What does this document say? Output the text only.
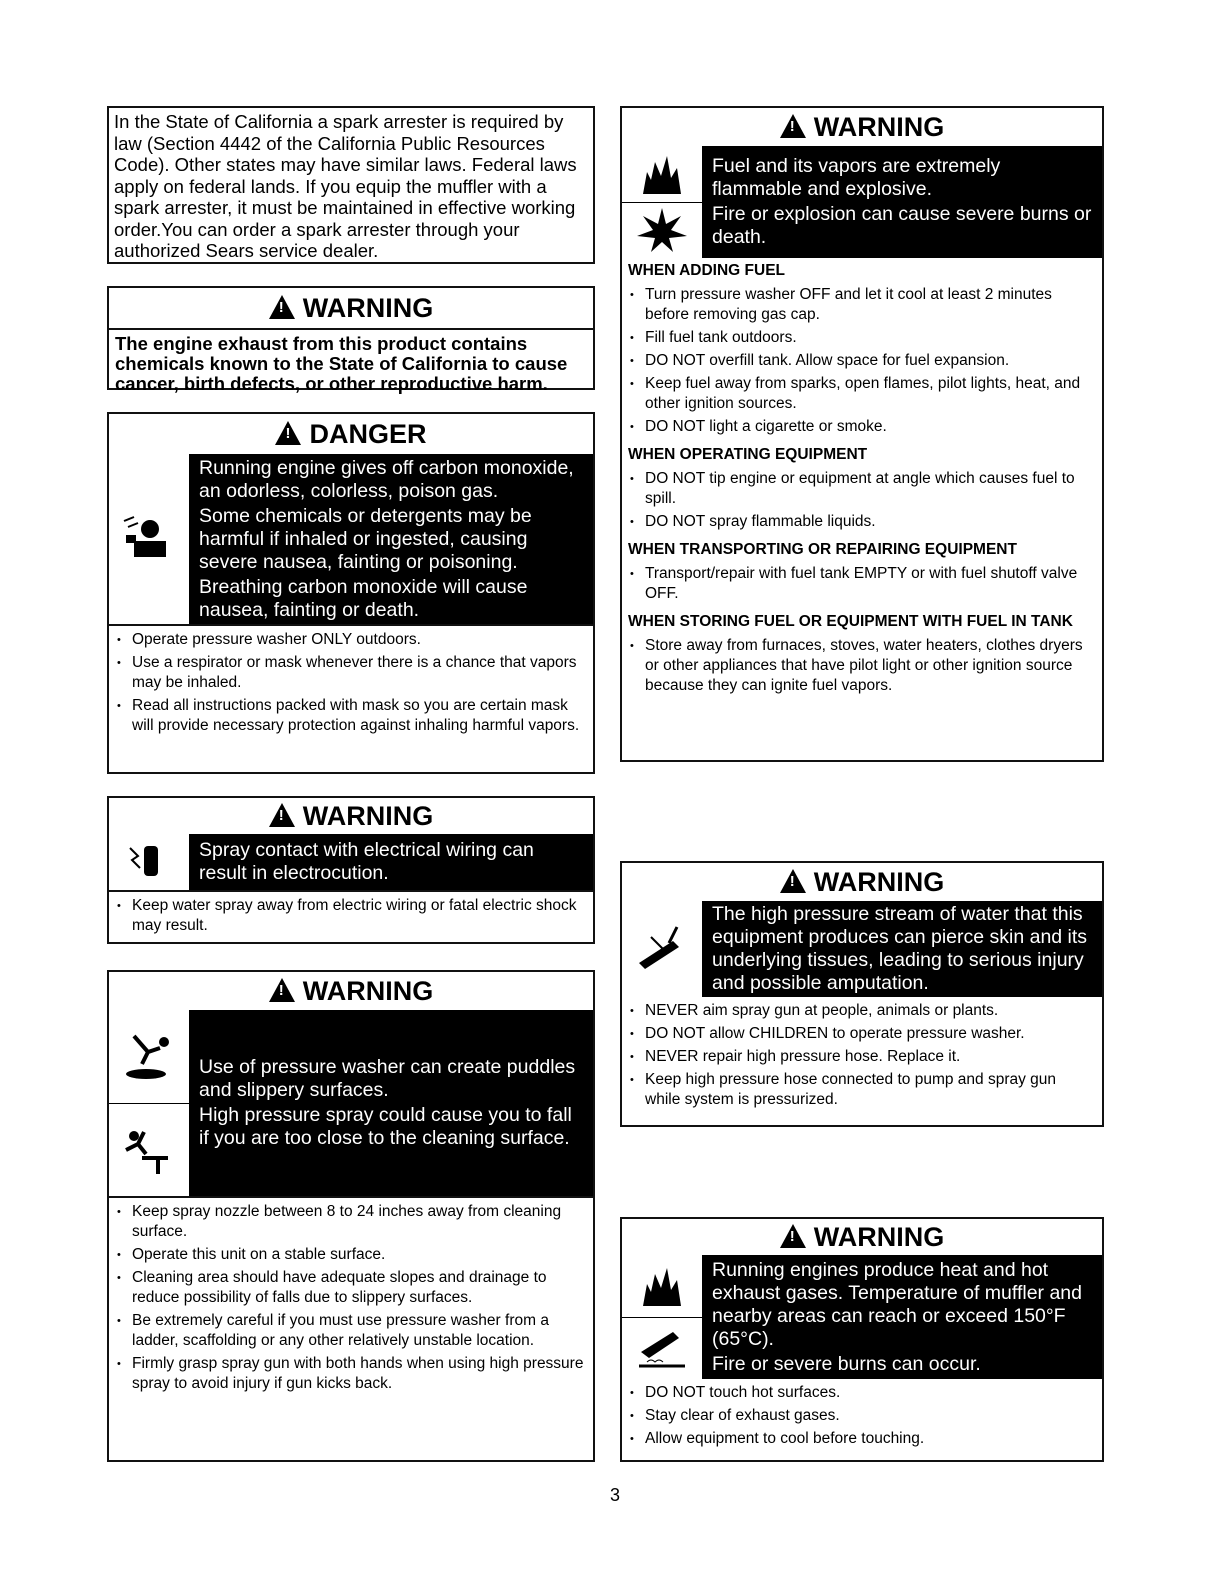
In the State of California a spark arrester is required by law (Section 4442 of the California Public Resources Code). Other states may have similar laws. Federal laws apply on federal lands. If you equip the muffler with a spark arrester, it must be maintained in effective working order.You can order a spark arrester through your authorized Sears service dealer.
!
WARNING
The engine exhaust from this product contains chemicals known to the State of California to cause cancer, birth defects, or other reproductive harm.
!
DANGER

Running engine gives off carbon monoxide, an odorless, colorless, poison gas.

Some chemicals or detergents may be harmful if inhaled or ingested, causing severe nausea, fainting or poisoning.

Breathing carbon monoxide will cause nausea, fainting or death.

• Operate pressure washer ONLY outdoors.
• Use a respirator or mask whenever there is a chance that vapors may be inhaled.
• Read all instructions packed with mask so you are certain mask will provide necessary protection against inhaling harmful vapors.
!
WARNING

Spray contact with electrical wiring can result in electrocution.

• Keep water spray away from electric wiring or fatal electric shock may result.
!
WARNING

Use of pressure washer can create puddles and slippery surfaces.

High pressure spray could cause you to fall if you are too close to the cleaning surface.

• Keep spray nozzle between 8 to 24 inches away from cleaning surface.
• Operate this unit on a stable surface.
• Cleaning area should have adequate slopes and drainage to reduce possibility of falls due to slippery surfaces.
• Be extremely careful if you must use pressure washer from a ladder, scaffolding or any other relatively unstable location.
• Firmly grasp spray gun with both hands when using high pressure spray to avoid injury if gun kicks back.
!
WARNING

Fuel and its vapors are extremely flammable and explosive.

Fire or explosion can cause severe burns or death.

WHEN ADDING FUEL
• Turn pressure washer OFF and let it cool at least 2 minutes before removing gas cap.
• Fill fuel tank outdoors.
• DO NOT overfill tank. Allow space for fuel expansion.
• Keep fuel away from sparks, open flames, pilot lights, heat, and other ignition sources.
• DO NOT light a cigarette or smoke.
WHEN OPERATING EQUIPMENT
• DO NOT tip engine or equipment at angle which causes fuel to spill.
• DO NOT spray flammable liquids.
WHEN TRANSPORTING OR REPAIRING EQUIPMENT
• Transport/repair with fuel tank EMPTY or with fuel shutoff valve OFF.
WHEN STORING FUEL OR EQUIPMENT WITH FUEL IN TANK
• Store away from furnaces, stoves, water heaters, clothes dryers or other appliances that have pilot light or other ignition source because they can ignite fuel vapors.
!
WARNING

The high pressure stream of water that this equipment produces can pierce skin and its underlying tissues, leading to serious injury and possible amputation.

• NEVER aim spray gun at people, animals or plants.
• DO NOT allow CHILDREN to operate pressure washer.
• NEVER repair high pressure hose. Replace it.
• Keep high pressure hose connected to pump and spray gun while system is pressurized.
!
WARNING

Running engines produce heat and hot exhaust gases. Temperature of muffler and nearby areas can reach or exceed 150°F (65°C).

Fire or severe burns can occur.

• DO NOT touch hot surfaces.
• Stay clear of exhaust gases.
• Allow equipment to cool before touching.
3
